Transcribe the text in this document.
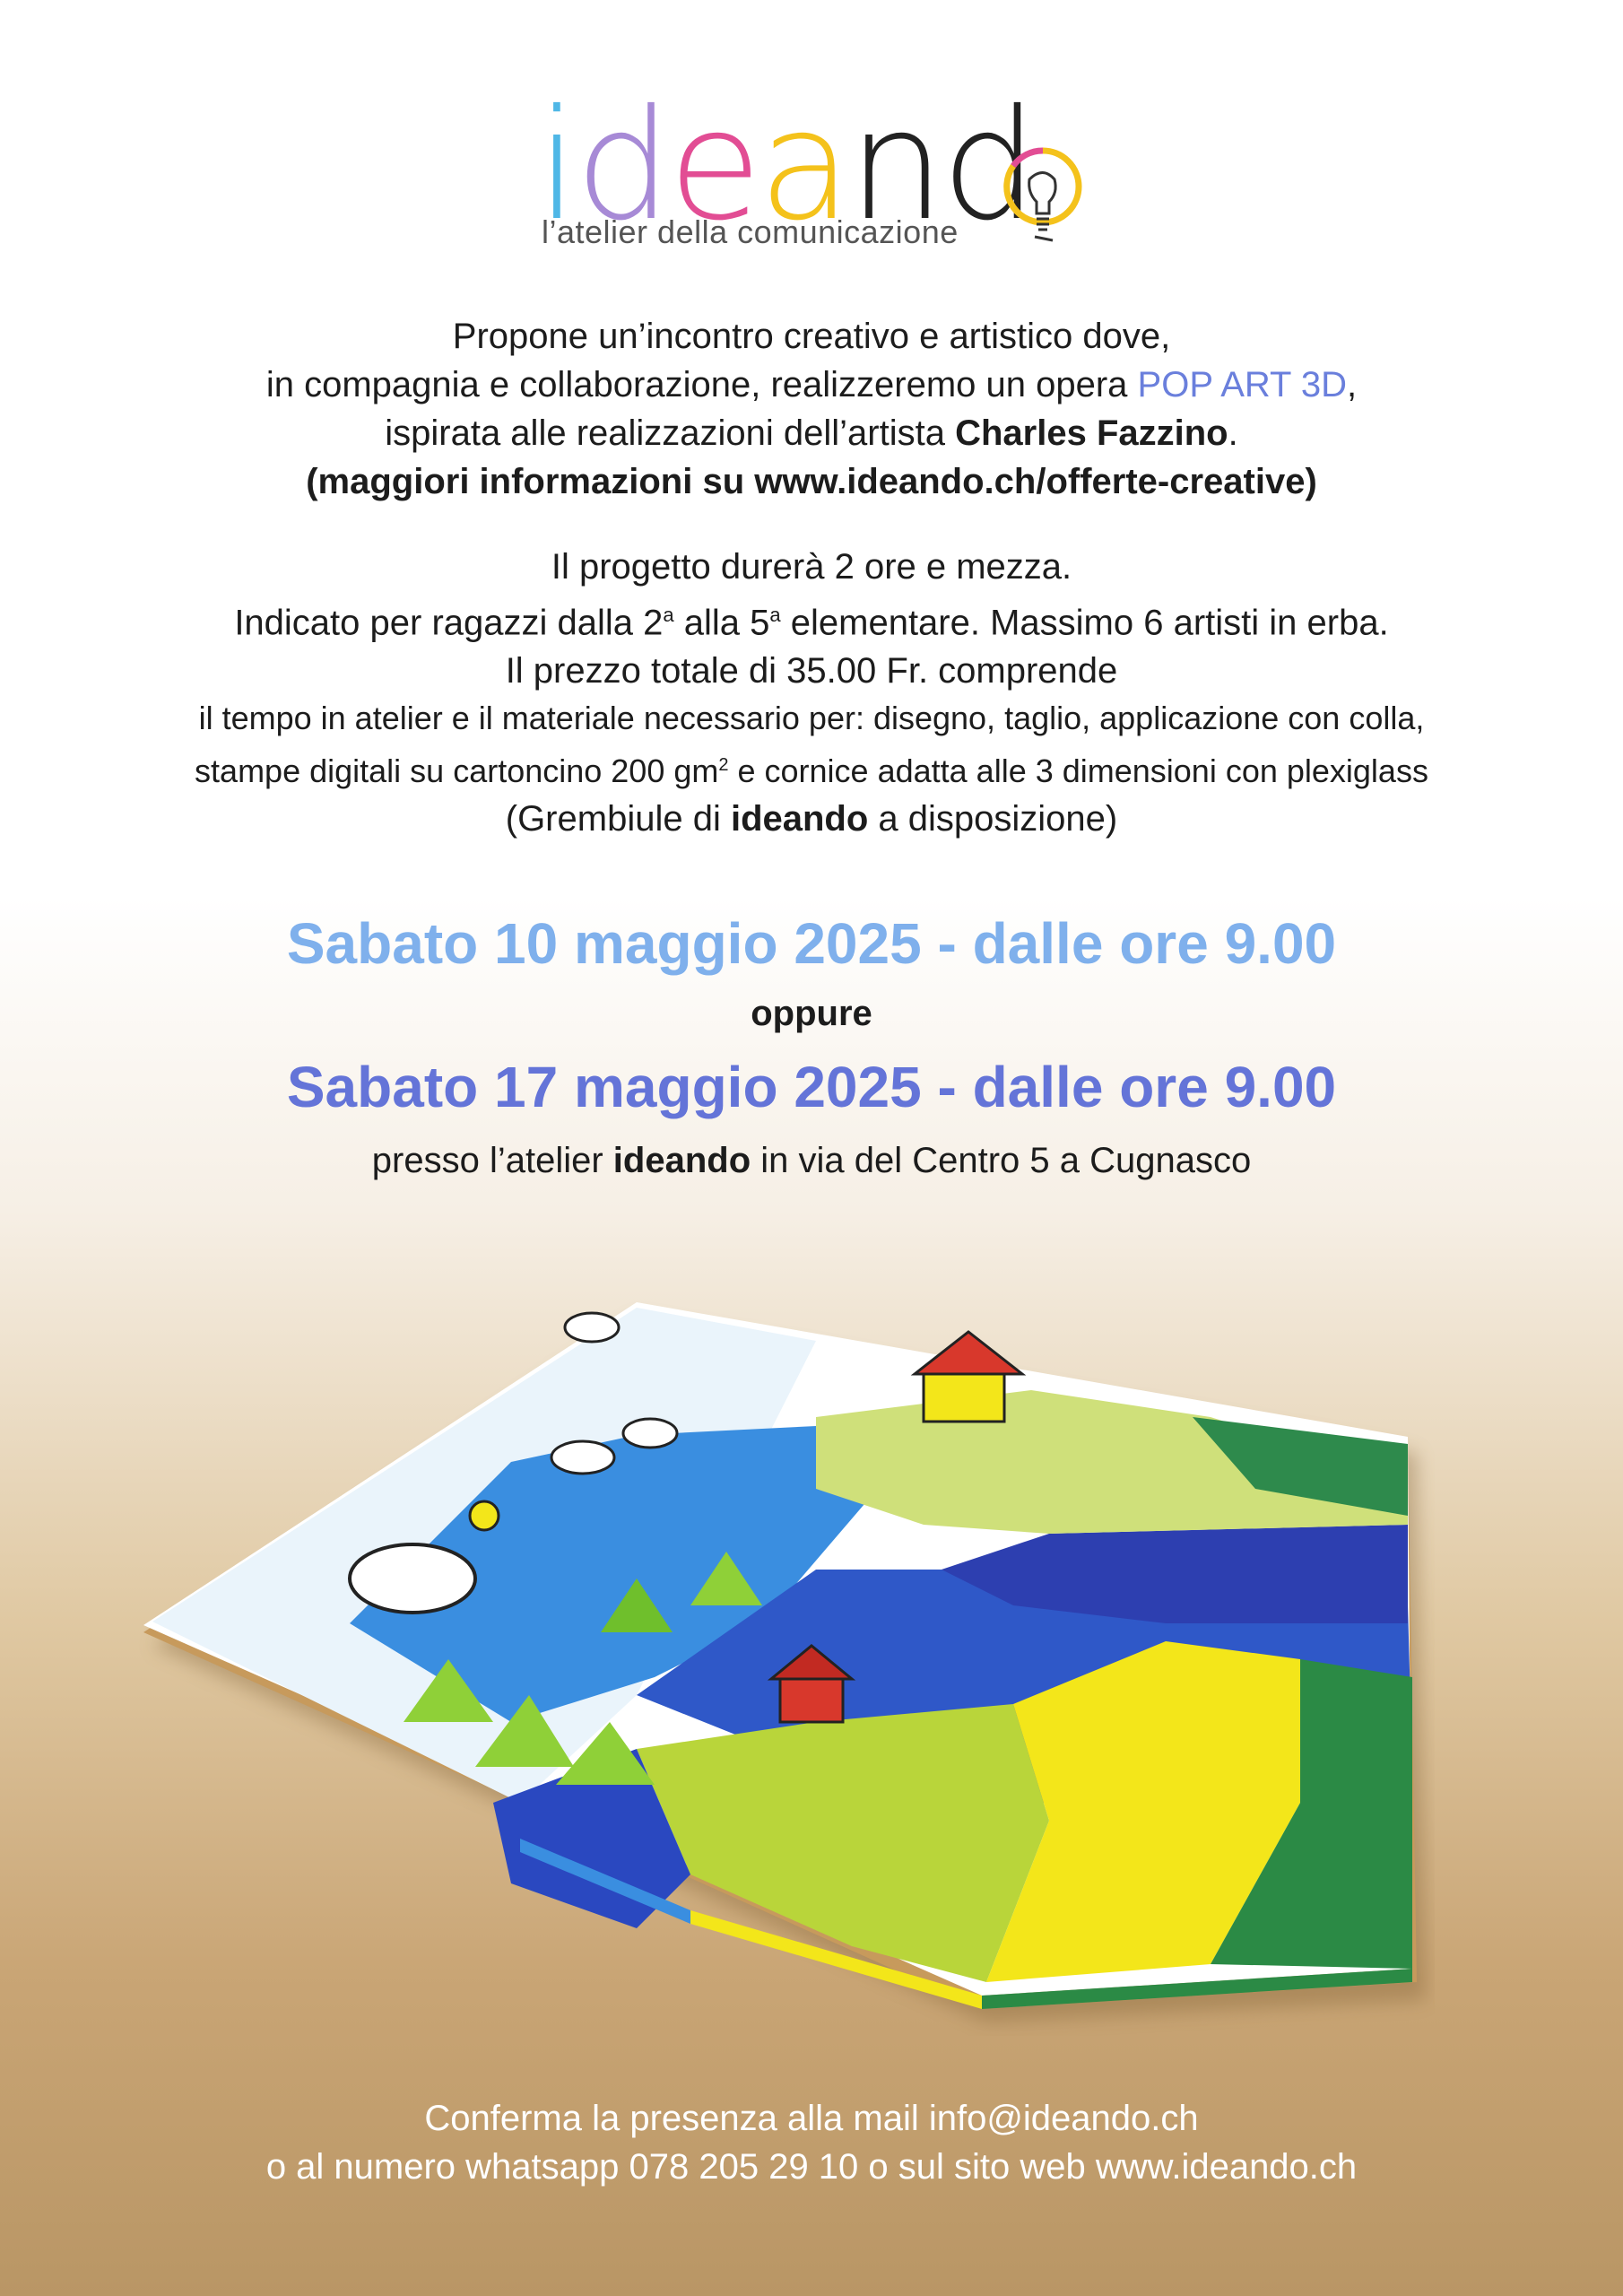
ideand
l’atelier della comunicazione

Propone un’incontro creativo e artistico dove,

in compagnia e collaborazione, realizzeremo un opera POP ART 3D,

ispirata alle realizzazioni dell’artista Charles Fazzino.

(maggiori informazioni su www.ideando.ch/offerte-creative)

Il progetto durerà 2 ore e mezza.

Indicato per ragazzi dalla 2$^a$ alla 5$^a$ elementare. Massimo 6 artisti in erba.

Il prezzo totale di 35.00 Fr. comprende

il tempo in atelier e il materiale necessario per: disegno, taglio, applicazione con colla,

stampe digitali su cartoncino 200 $gm^2$ e cornice adatta alle 3 dimensioni con plexiglass

(Grembiule di ideando a disposizione)

Sabato 10 maggio 2025 - dalle ore 9.00
oppure
Sabato 17 maggio 2025 - dalle ore 9.00
presso l’atelier ideando in via del Centro 5 a Cugnasco
Conferma la presenza alla mail info@ideando.ch
o al numero whatsapp 078 205 29 10 o sul sito web www.ideando.ch
